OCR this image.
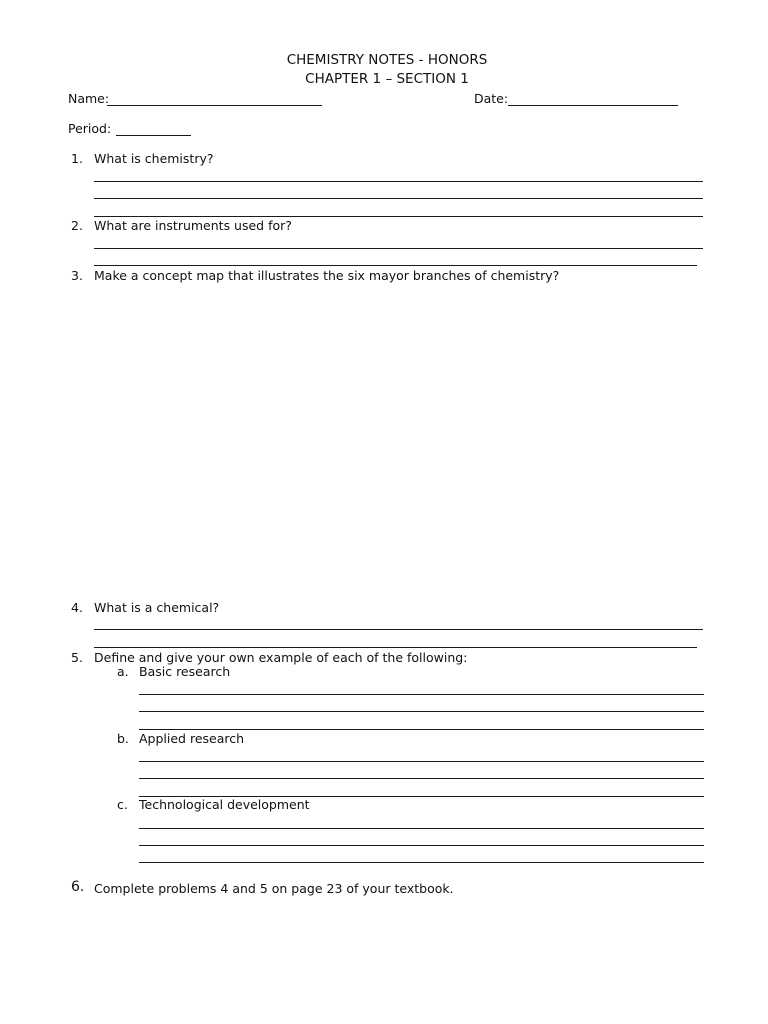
CHEMISTRY NOTES - HONORS
CHAPTER 1 – SECTION 1
Name:	Date:
Period:
1. What is chemistry?
2. What are instruments used for?
3. Make a concept map that illustrates the six mayor branches of chemistry?
4. What is a chemical?
5. Define and give your own example of each of the following:
a. Basic research
b. Applied research
c. Technological development
6. Complete problems 4 and 5 on page 23 of your textbook.
